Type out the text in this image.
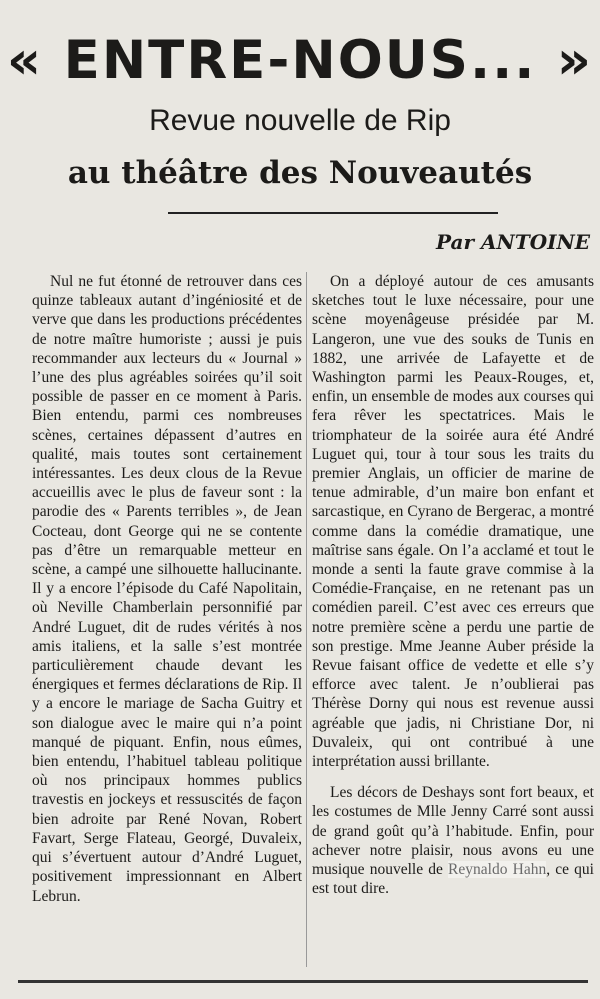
« ENTRE-NOUS... »
Revue nouvelle de Rip
au théâtre des Nouveautés
Par ANTOINE

Nul ne fut étonné de retrouver dans ces quinze tableaux autant d’ingéniosité et de verve que dans les productions précédentes de notre maître humoriste ; aussi je puis recommander aux lecteurs du « Journal » l’une des plus agréables soirées qu’il soit possible de passer en ce moment à Paris. Bien entendu, parmi ces nombreuses scènes, certaines dépassent d’autres en qualité, mais toutes sont certainement intéressantes. Les deux clous de la Revue accueillis avec le plus de faveur sont : la parodie des « Parents terribles », de Jean Cocteau, dont George qui ne se contente pas d’être un remarquable metteur en scène, a campé une silhouette hallucinante. Il y a encore l’épisode du Café Napolitain, où Neville Chamberlain personnifié par André Luguet, dit de rudes vérités à nos amis italiens, et la salle s’est montrée particulièrement chaude devant les énergiques et fermes déclarations de Rip. Il y a encore le mariage de Sacha Guitry et son dialogue avec le maire qui n’a point manqué de piquant. Enfin, nous eûmes, bien entendu, l’habituel tableau politique où nos principaux hommes publics travestis en jockeys et ressuscités de façon bien adroite par René Novan, Robert Favart, Serge Flateau, Georgé, Duvaleix, qui s’évertuent autour d’André Luguet, positivement impressionnant en Albert Lebrun.

On a déployé autour de ces amusants sketches tout le luxe nécessaire, pour une scène moyenâgeuse présidée par M. Langeron, une vue des souks de Tunis en 1882, une arrivée de Lafayette et de Washington parmi les Peaux-Rouges, et, enfin, un ensemble de modes aux courses qui fera rêver les spectatrices. Mais le triomphateur de la soirée aura été André Luguet qui, tour à tour sous les traits du premier Anglais, un officier de marine de tenue admirable, d’un maire bon enfant et sarcastique, en Cyrano de Bergerac, a montré comme dans la comédie dramatique, une maîtrise sans égale. On l’a acclamé et tout le monde a senti la faute grave commise à la Comédie-Française, en ne retenant pas un comédien pareil. C’est avec ces erreurs que notre première scène a perdu une partie de son prestige. Mme Jeanne Auber préside la Revue faisant office de vedette et elle s’y efforce avec talent. Je n’oublierai pas Thérèse Dorny qui nous est revenue aussi agréable que jadis, ni Christiane Dor, ni Duvaleix, qui ont contribué à une interprétation aussi brillante.

Les décors de Deshays sont fort beaux, et les costumes de Mlle Jenny Carré sont aussi de grand goût qu’à l’habitude. Enfin, pour achever notre plaisir, nous avons eu une musique nouvelle de Reynaldo Hahn, ce qui est tout dire.
